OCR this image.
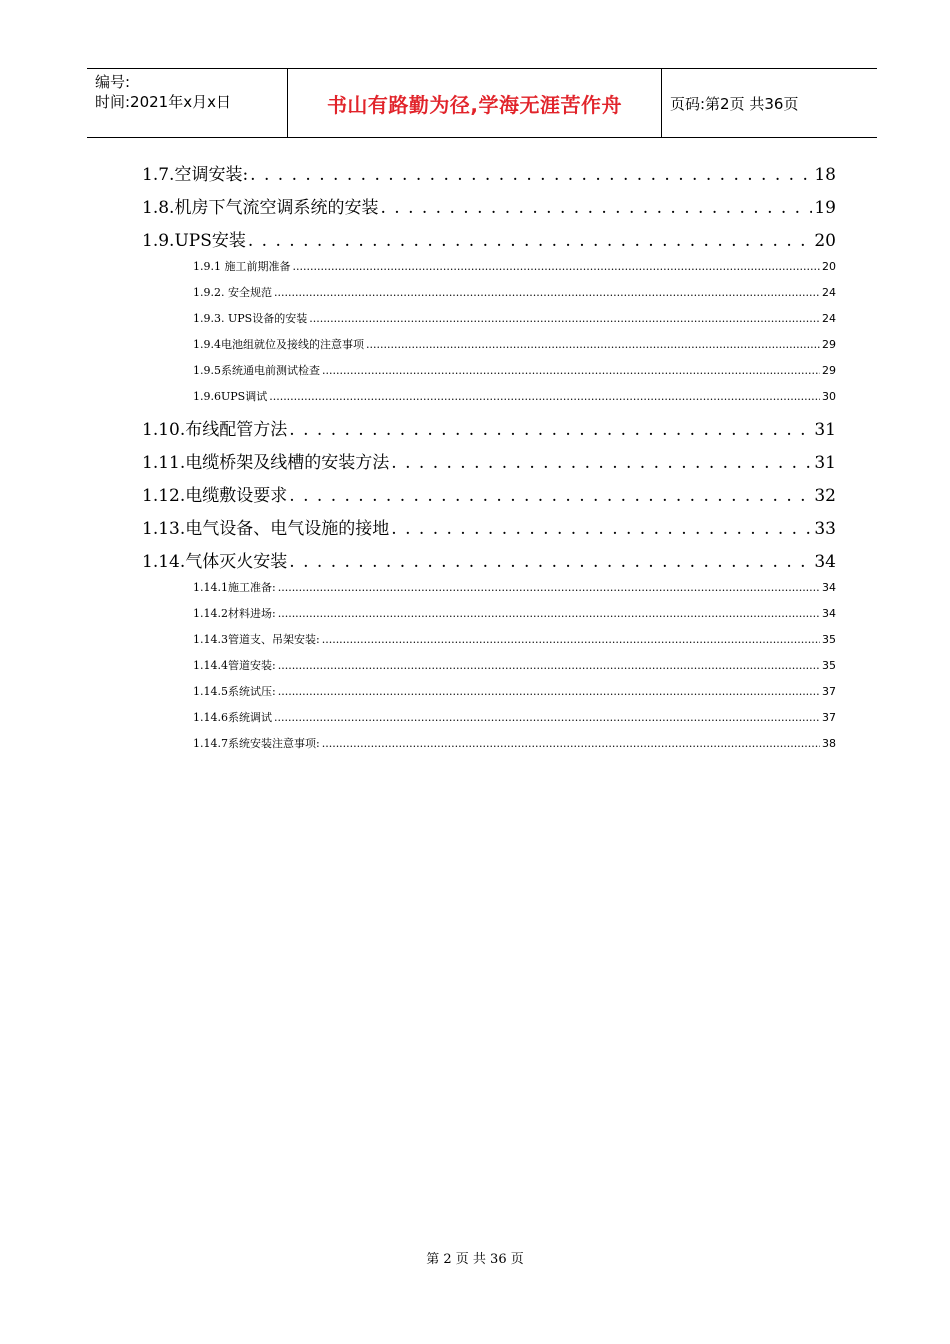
编号:
时间:2021年x月x日	书山有路勤为径,学海无涯苦作舟	页码:第2页 共36页
1.7.空调安装: . . .	18
1.8.机房下气流空调系统的安装 . . .	19
1.9.UPS安装 . . .	20
1.9.1 施工前期准备 .....	20
1.9.2. 安全规范 .....	24
1.9.3. UPS设备的安装 .....	24
1.9.4电池组就位及接线的注意事项 .....	29
1.9.5系统通电前测试检查 .....	29
1.9.6UPS调试 .....	30
1.10.布线配管方法 . . .	31
1.11.电缆桥架及线槽的安装方法 . . .	31
1.12.电缆敷设要求 . . .	32
1.13.电气设备、电气设施的接地 . . .	33
1.14.气体灭火安装 . . .	34
1.14.1施工准备: .....	34
1.14.2材料进场: .....	34
1.14.3管道支、吊架安装: .....	35
1.14.4管道安装: .....	35
1.14.5系统试压: .....	37
1.14.6系统调试 .....	37
1.14.7系统安装注意事项: .....	38
第 2 页 共 36 页
